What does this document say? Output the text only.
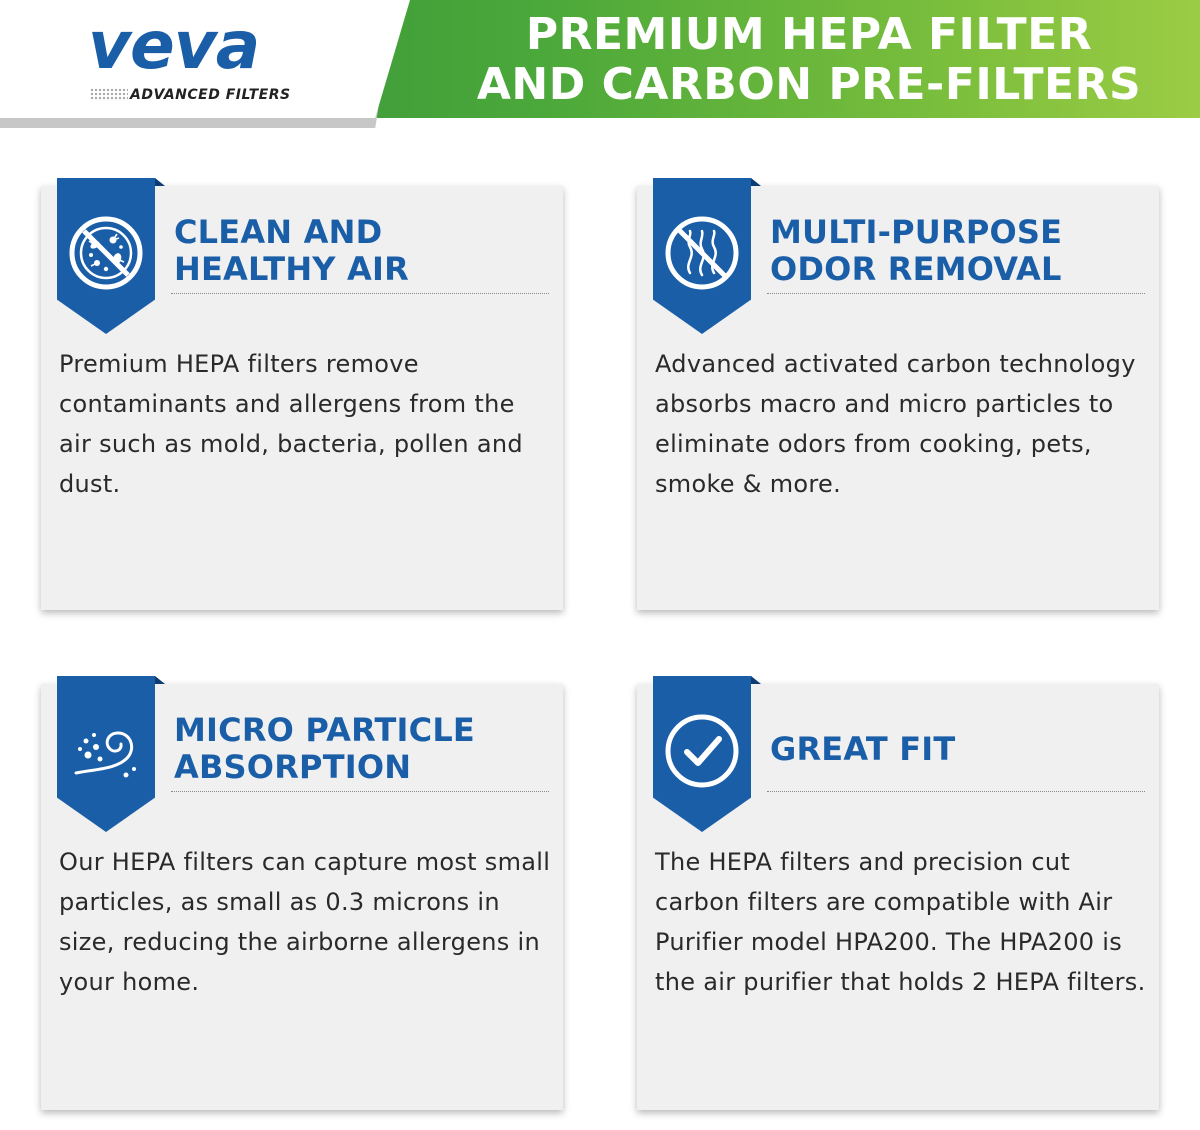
veva
ADVANCED FILTERS
PREMIUM HEPA FILTER
AND CARBON PRE-FILTERS
CLEAN AND
HEALTHY AIR
Premium HEPA filters remove contaminants and allergens from the air such as mold, bacteria, pollen and dust.
MULTI-PURPOSE
ODOR REMOVAL
Advanced activated carbon technology absorbs macro and micro particles to eliminate odors from cooking, pets, smoke & more.
MICRO PARTICLE
ABSORPTION
Our HEPA filters can capture most small particles, as small as 0.3 microns in size, reducing the airborne allergens in your home.
GREAT FIT
The HEPA filters and precision cut carbon filters are compatible with Air Purifier model HPA200. The HPA200 is the air purifier that holds 2 HEPA filters.
